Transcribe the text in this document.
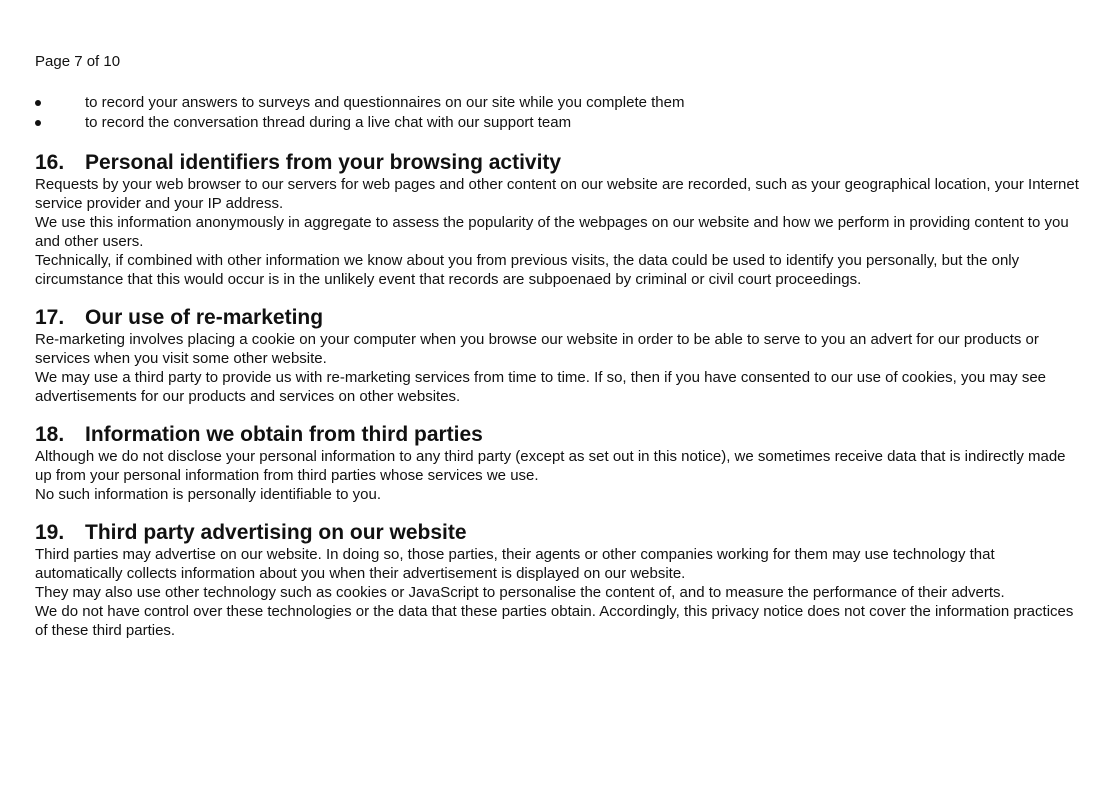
Page 7 of 10

to record your answers to surveys and questionnaires on our site while you complete them
to record the conversation thread during a live chat with our support team
16. Personal identifiers from your browsing activity

Requests by your web browser to our servers for web pages and other content on our website are recorded, such as your geographical location, your Internet service provider and your IP address.

We use this information anonymously in aggregate to assess the popularity of the webpages on our website and how we perform in providing content to you and other users.

Technically, if combined with other information we know about you from previous visits, the data could be used to identify you personally, but the only circumstance that this would occur is in the unlikely event that records are subpoenaed by criminal or civil court proceedings.

17. Our use of re-marketing

Re-marketing involves placing a cookie on your computer when you browse our website in order to be able to serve to you an advert for our products or services when you visit some other website.

We may use a third party to provide us with re-marketing services from time to time. If so, then if you have consented to our use of cookies, you may see advertisements for our products and services on other websites.

18. Information we obtain from third parties

Although we do not disclose your personal information to any third party (except as set out in this notice), we sometimes receive data that is indirectly made up from your personal information from third parties whose services we use.

No such information is personally identifiable to you.

19. Third party advertising on our website

Third parties may advertise on our website. In doing so, those parties, their agents or other companies working for them may use technology that automatically collects information about you when their advertisement is displayed on our website.

They may also use other technology such as cookies or JavaScript to personalise the content of, and to measure the performance of their adverts.

We do not have control over these technologies or the data that these parties obtain. Accordingly, this privacy notice does not cover the information practices of these third parties.
